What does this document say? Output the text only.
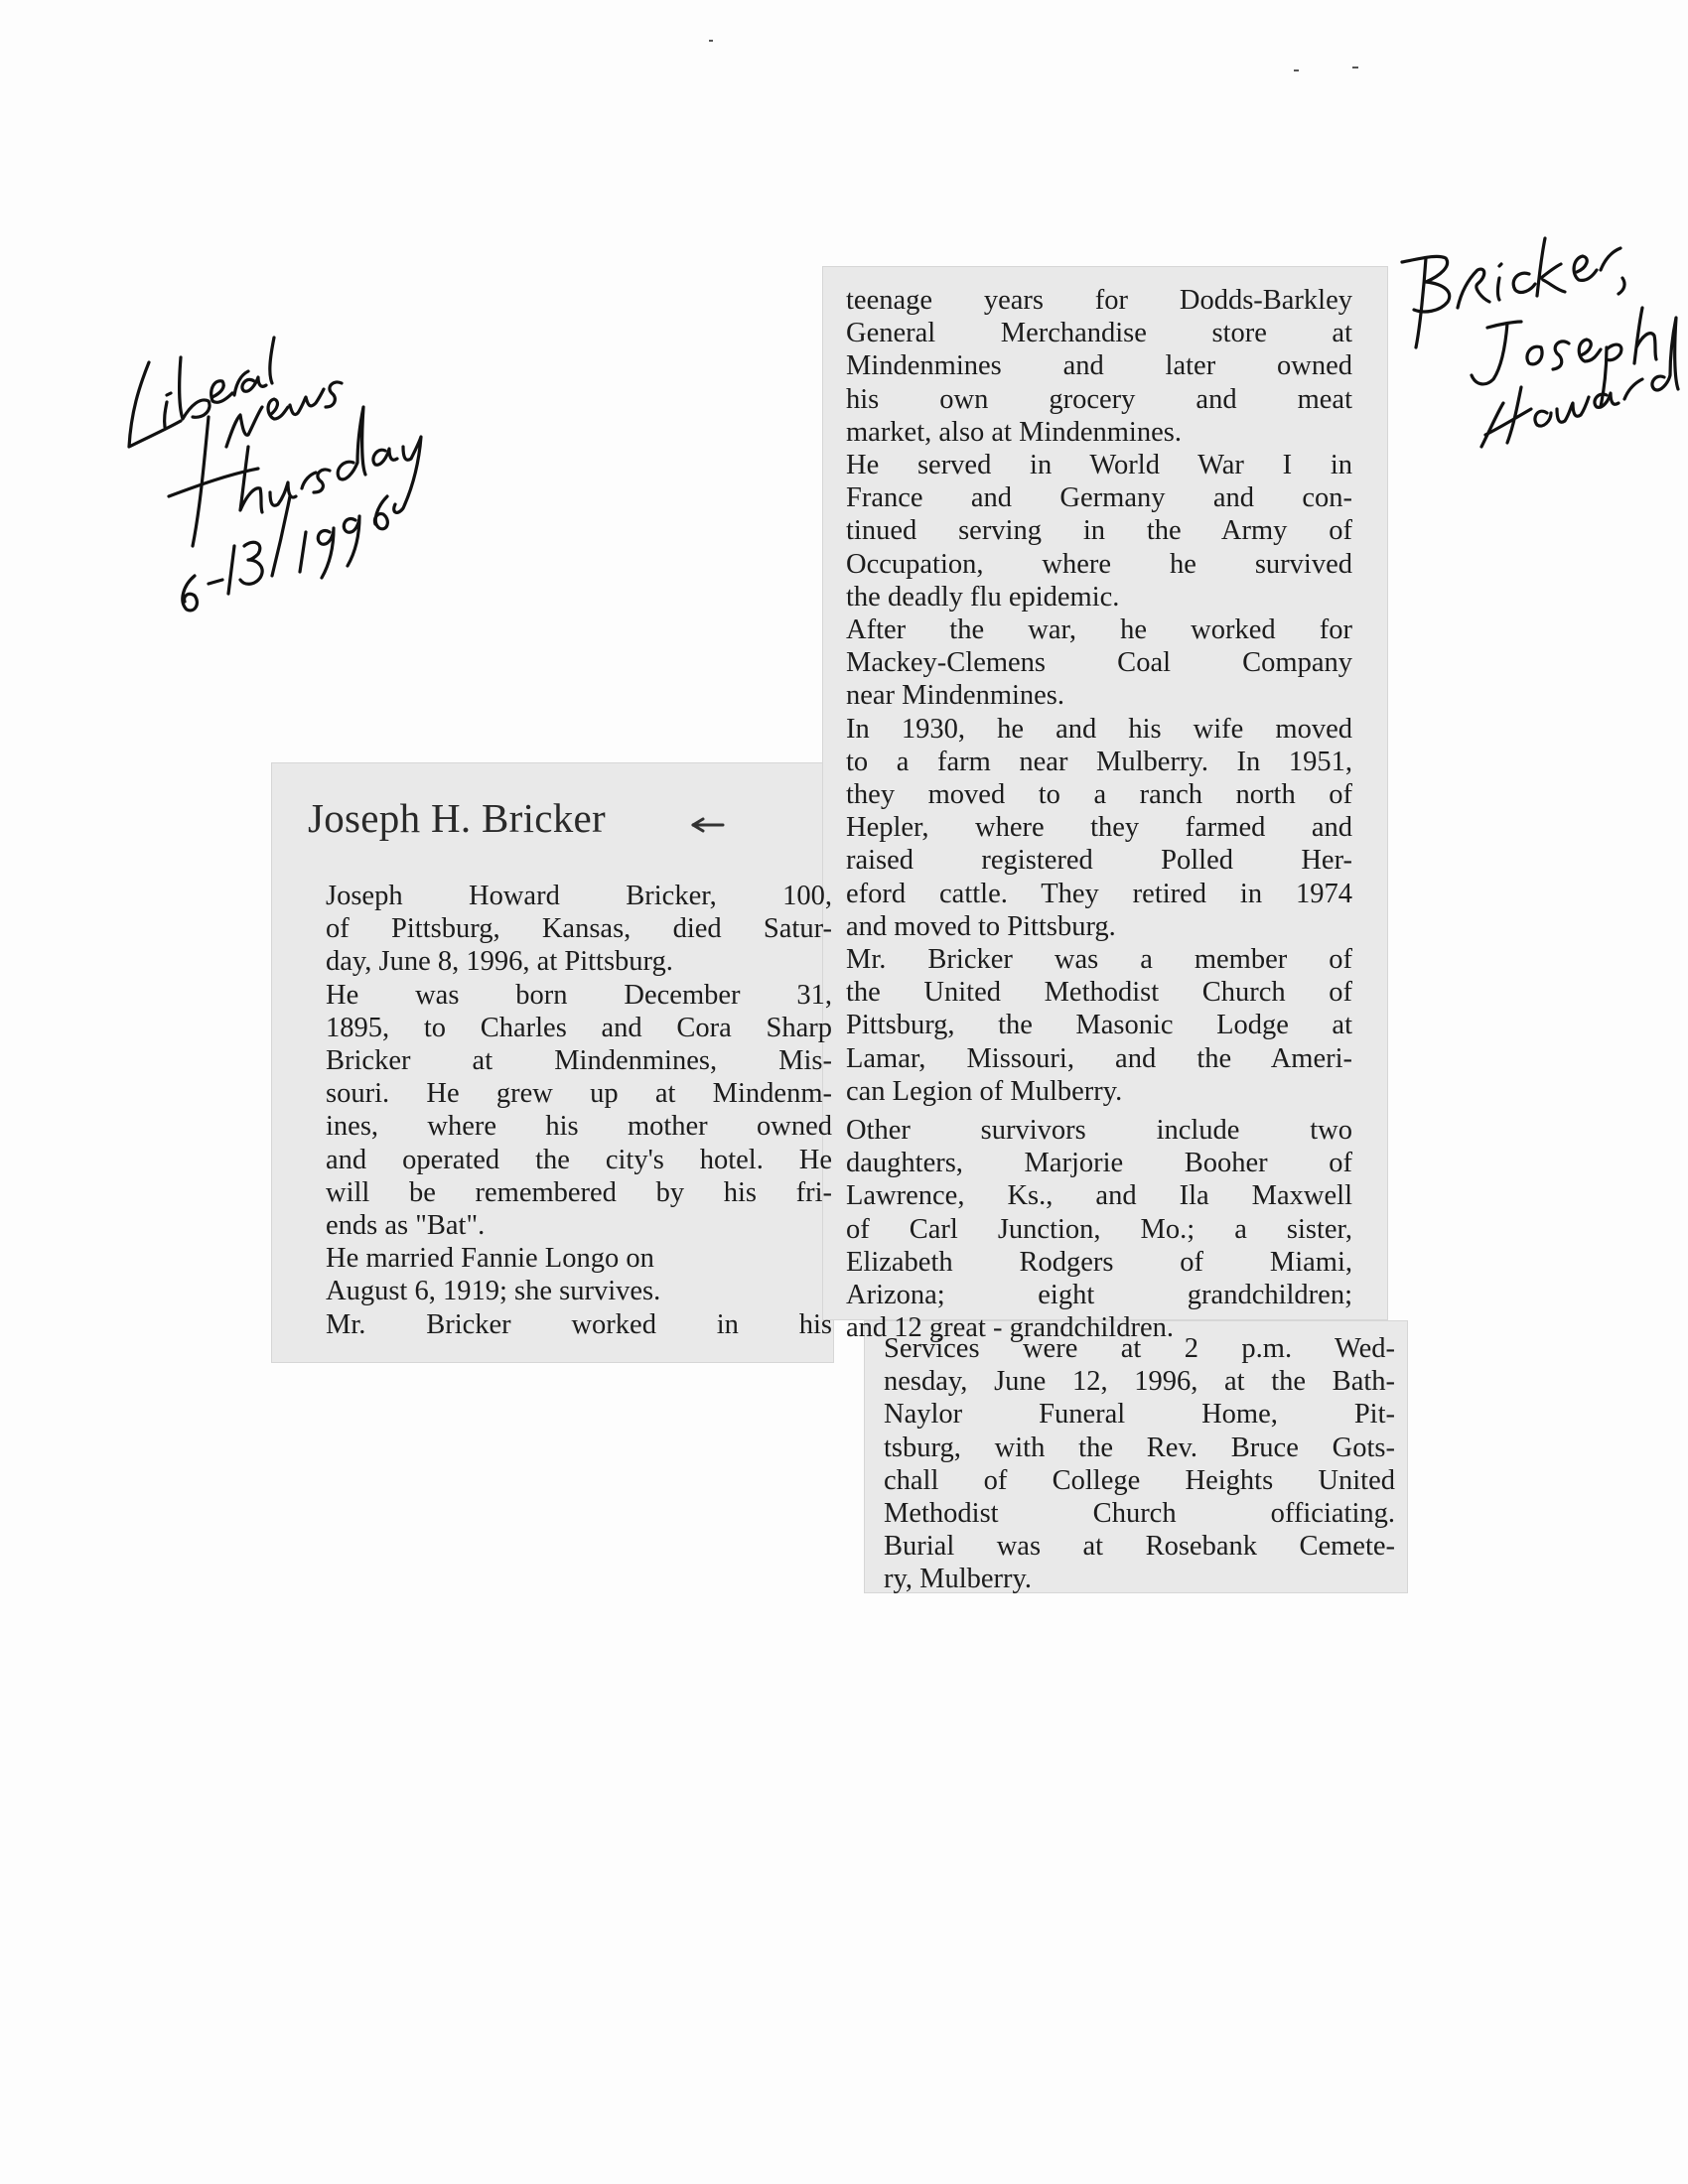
Joseph H. Bricker

Joseph Howard Bricker, 100,

of Pittsburg, Kansas, died Satur-

day, June 8, 1996, at Pittsburg.

He was born December 31,

1895, to Charles and Cora Sharp

Bricker at Mindenmines, Mis-

souri. He grew up at Mindenm-

ines, where his mother owned

and operated the city's hotel. He

will be remembered by his fri-

ends as "Bat".

He married Fannie Longo on

August 6, 1919; she survives.

Mr. Bricker worked in his

teenage years for Dodds-Barkley

General Merchandise store at

Mindenmines and later owned

his own grocery and meat

market, also at Mindenmines.

He served in World War I in

France and Germany and con-

tinued serving in the Army of

Occupation, where he survived

the deadly flu epidemic.

After the war, he worked for

Mackey-Clemens Coal Company

near Mindenmines.

In 1930, he and his wife moved

to a farm near Mulberry. In 1951,

they moved to a ranch north of

Hepler, where they farmed and

raised registered Polled Her-

eford cattle. They retired in 1974

and moved to Pittsburg.

Mr. Bricker was a member of

the United Methodist Church of

Pittsburg, the Masonic Lodge at

Lamar, Missouri, and the Ameri-

can Legion of Mulberry.

Other survivors include two

daughters, Marjorie Booher of

Lawrence, Ks., and Ila Maxwell

of Carl Junction, Mo.; a sister,

Elizabeth Rodgers of Miami,

Arizona; eight grandchildren;

and 12 great - grandchildren.

Services were at 2 p.m. Wed-

nesday, June 12, 1996, at the Bath-

Naylor Funeral Home, Pit-

tsburg, with the Rev. Bruce Gots-

chall of College Heights United

Methodist Church officiating.

Burial was at Rosebank Cemete-

ry, Mulberry.
